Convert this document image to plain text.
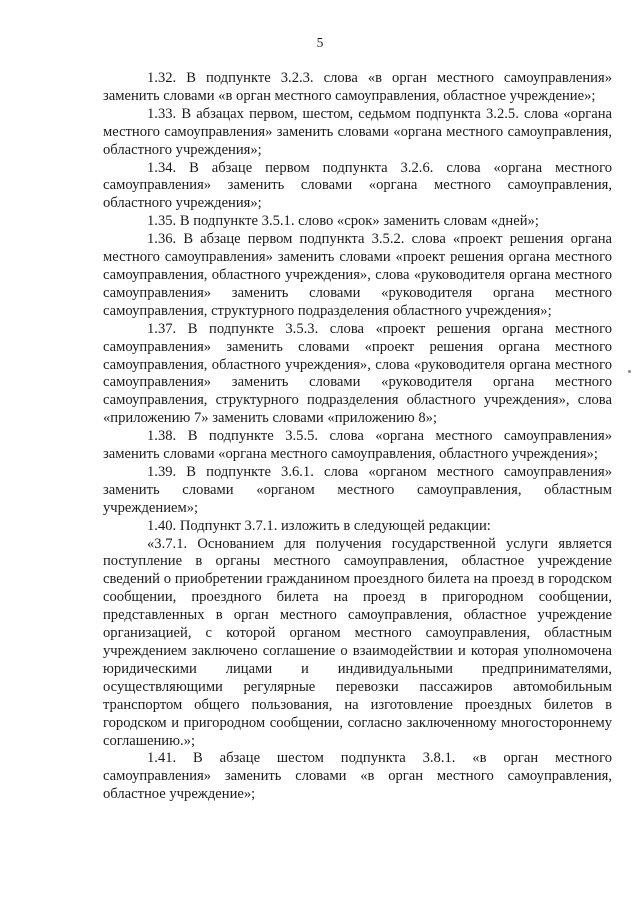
5

1.32. В подпункте 3.2.3. слова «в орган местного самоуправления» заменить словами «в орган местного самоуправления, областное учреждение»;

1.33. В абзацах первом, шестом, седьмом подпункта 3.2.5. слова «органа местного самоуправления» заменить словами «органа местного самоуправления, областного учреждения»;

1.34. В абзаце первом подпункта 3.2.6. слова «органа местного самоуправления» заменить словами «органа местного самоуправления, областного учреждения»;

1.35. В подпункте 3.5.1. слово «срок» заменить словам «дней»;

1.36. В абзаце первом подпункта 3.5.2. слова «проект решения органа местного самоуправления» заменить словами «проект решения органа местного самоуправления, областного учреждения», слова «руководителя органа местного самоуправления» заменить словами «руководителя органа местного самоуправления, структурного подразделения областного учреждения»;

1.37. В подпункте 3.5.3. слова «проект решения органа местного самоуправления» заменить словами «проект решения органа местного самоуправления, областного учреждения», слова «руководителя органа местного самоуправления» заменить словами «руководителя органа местного самоуправления, структурного подразделения областного учреждения», слова «приложению 7» заменить словами «приложению 8»;

1.38. В подпункте 3.5.5. слова «органа местного самоуправления» заменить словами «органа местного самоуправления, областного учреждения»;

1.39. В подпункте 3.6.1. слова «органом местного самоуправления» заменить словами «органом местного самоуправления, областным учреждением»;

1.40. Подпункт 3.7.1. изложить в следующей редакции:

«3.7.1. Основанием для получения государственной услуги является поступление в органы местного самоуправления, областное учреждение сведений о приобретении гражданином проездного билета на проезд в городском сообщении, проездного билета на проезд в пригородном сообщении, представленных в орган местного самоуправления, областное учреждение организацией, с которой органом местного самоуправления, областным учреждением заключено соглашение о взаимодействии и которая уполномочена юридическими лицами и индивидуальными предпринимателями, осуществляющими регулярные перевозки пассажиров автомобильным транспортом общего пользования, на изготовление проездных билетов в городском и пригородном сообщении, согласно заключенному многостороннему соглашению.»;

1.41. В абзаце шестом подпункта 3.8.1. «в орган местного самоуправления» заменить словами «в орган местного самоуправления, областное учреждение»;
